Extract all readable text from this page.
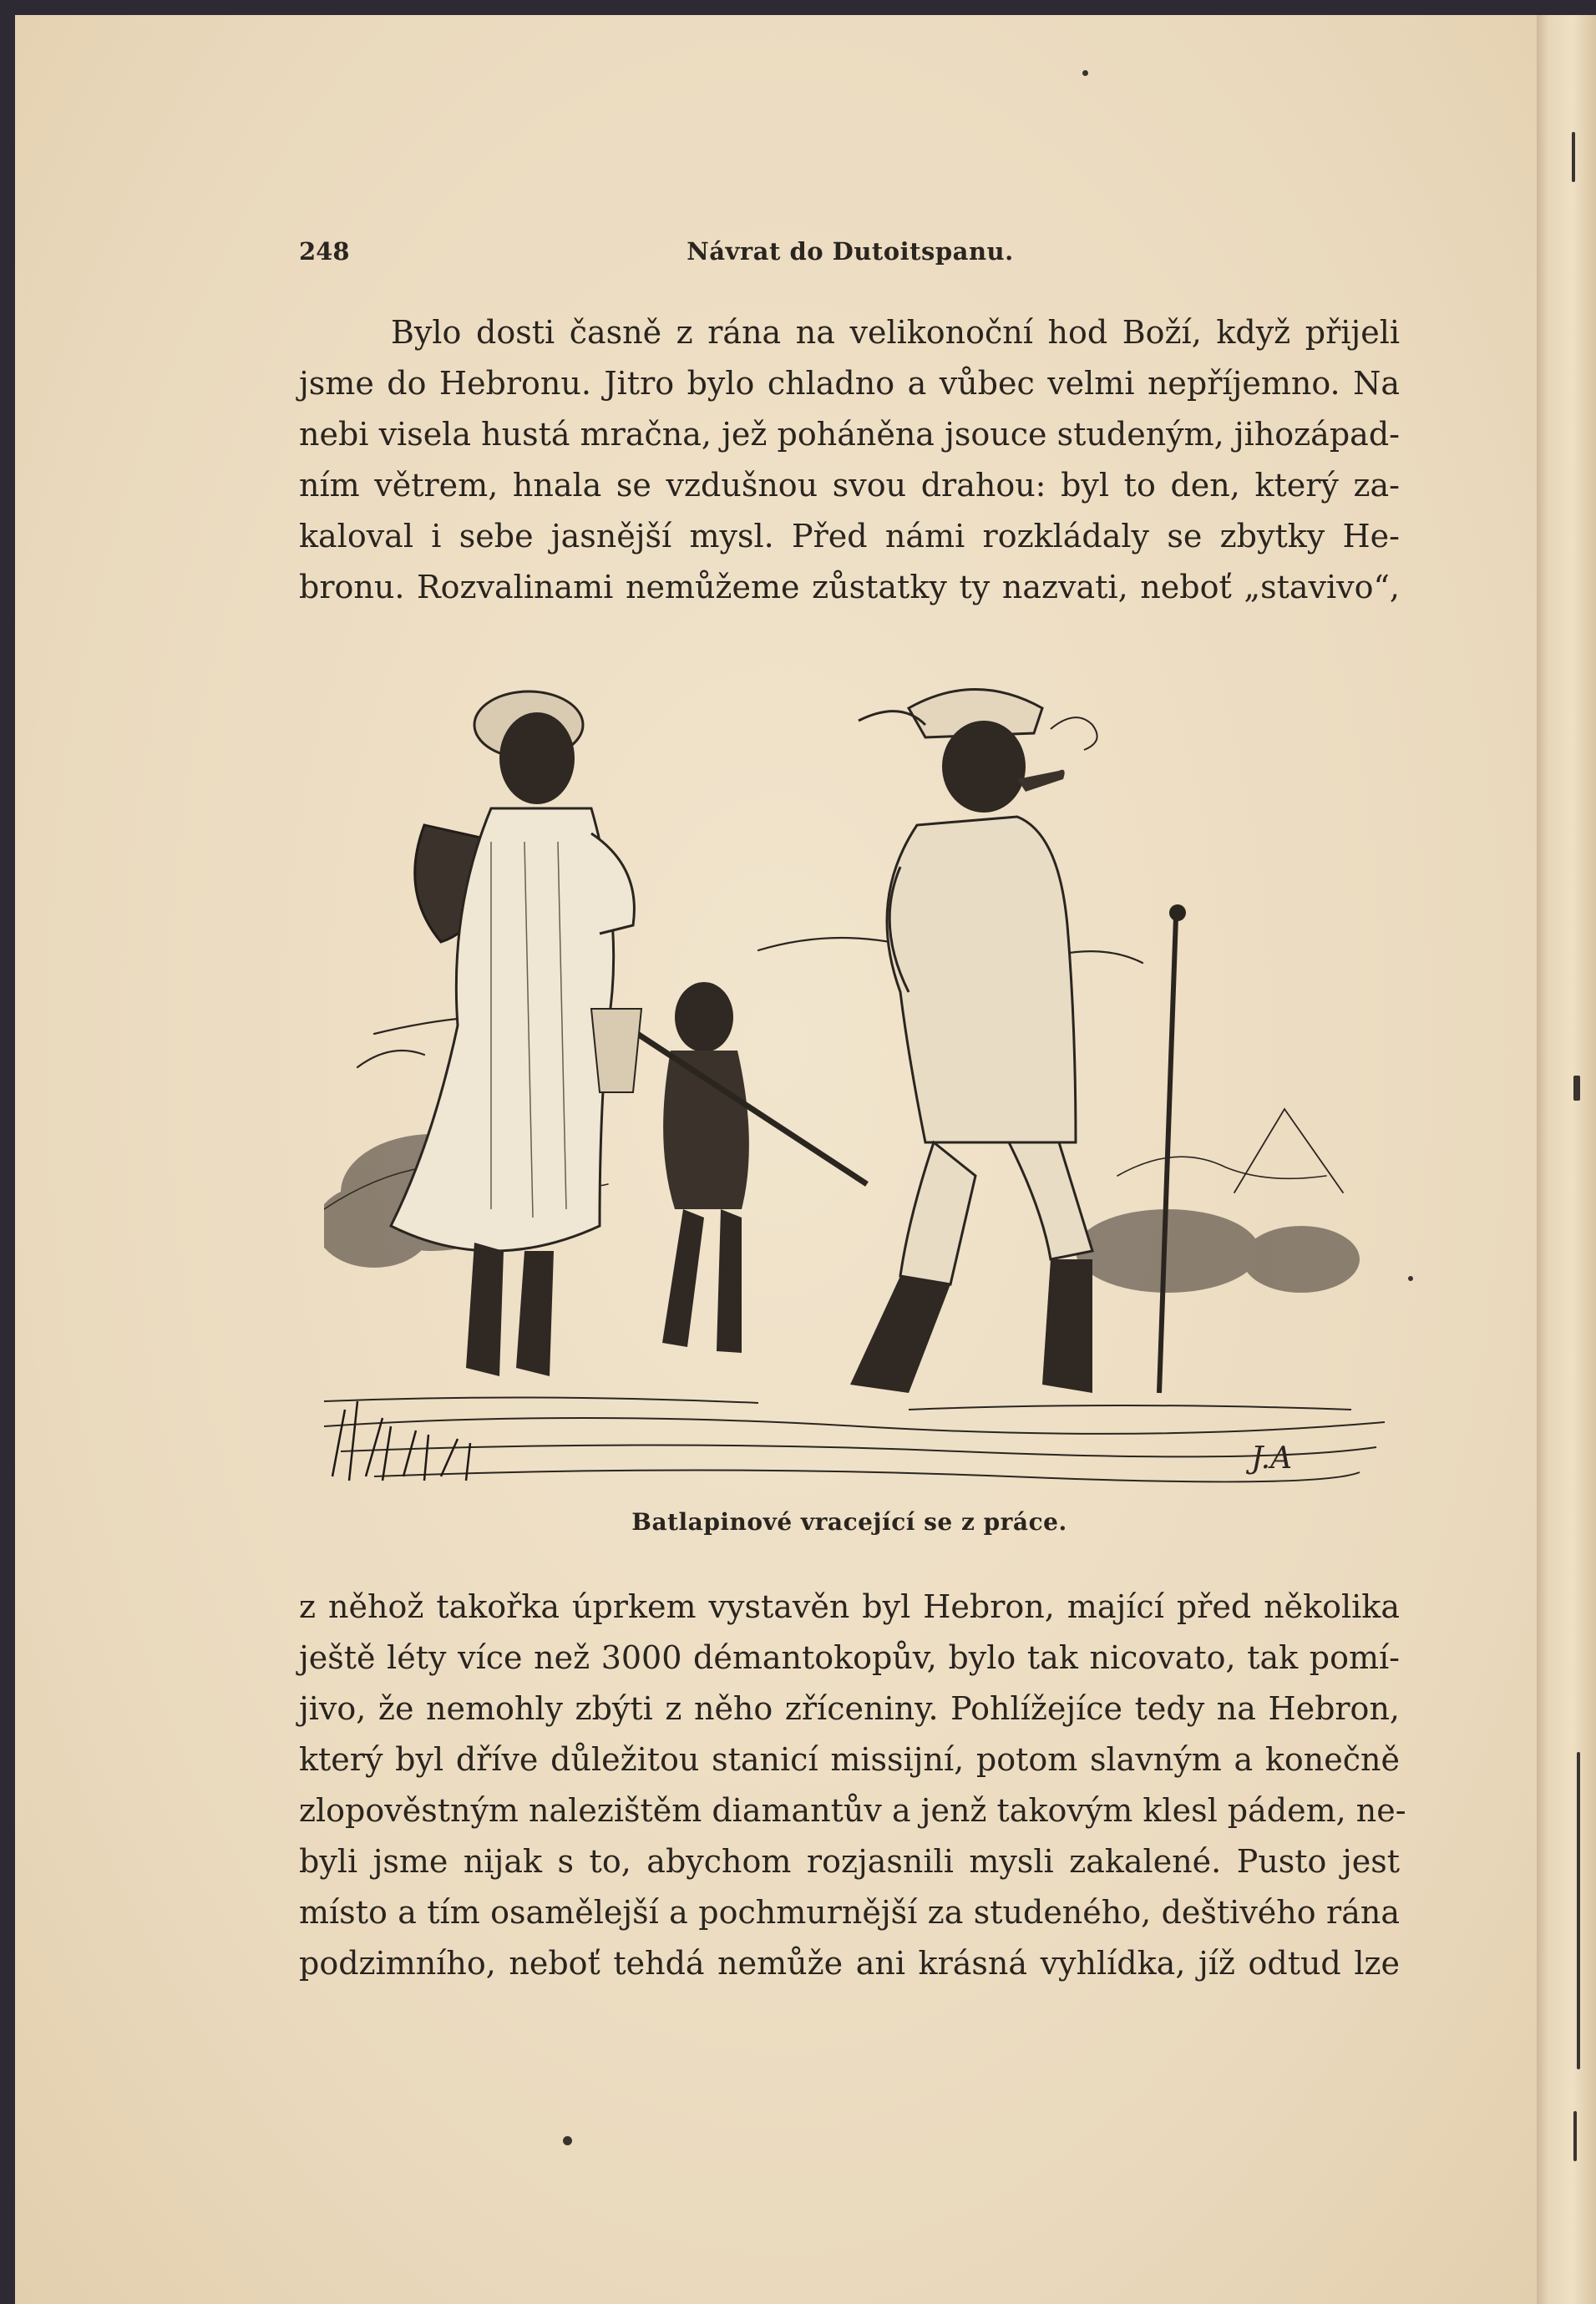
248	Návrat do Dutoitspanu.
Bylo dosti časně z rána na velikonoční hod Boží, když přijeli
jsme do Hebronu. Jitro bylo chladno a vůbec velmi nepříjemno. Na
nebi visela hustá mračna, jež poháněna jsouce studeným, jihozápad-
ním větrem, hnala se vzdušnou svou drahou: byl to den, který za-
kaloval i sebe jasnější mysl. Před námi rozkládaly se zbytky He-
bronu. Rozvalinami nemůžeme zůstatky ty nazvati, neboť „stavivo“,
J.A
Batlapinové vracející se z práce.
z něhož takořka úprkem vystavěn byl Hebron, mající před několika
ještě léty více než 3000 démantokopův, bylo tak nicovato, tak pomí-
jivo, že nemohly zbýti z něho zříceniny. Pohlížejíce tedy na Hebron,
který byl dříve důležitou stanicí missijní, potom slavným a konečně
zlopověstným nalezištěm diamantův a jenž takovým klesl pádem, ne-
byli jsme nijak s to, abychom rozjasnili mysli zakalené. Pusto jest
místo a tím osamělejší a pochmurnější za studeného, deštivého rána
podzimního, neboť tehdá nemůže ani krásná vyhlídka, jíž odtud lze
